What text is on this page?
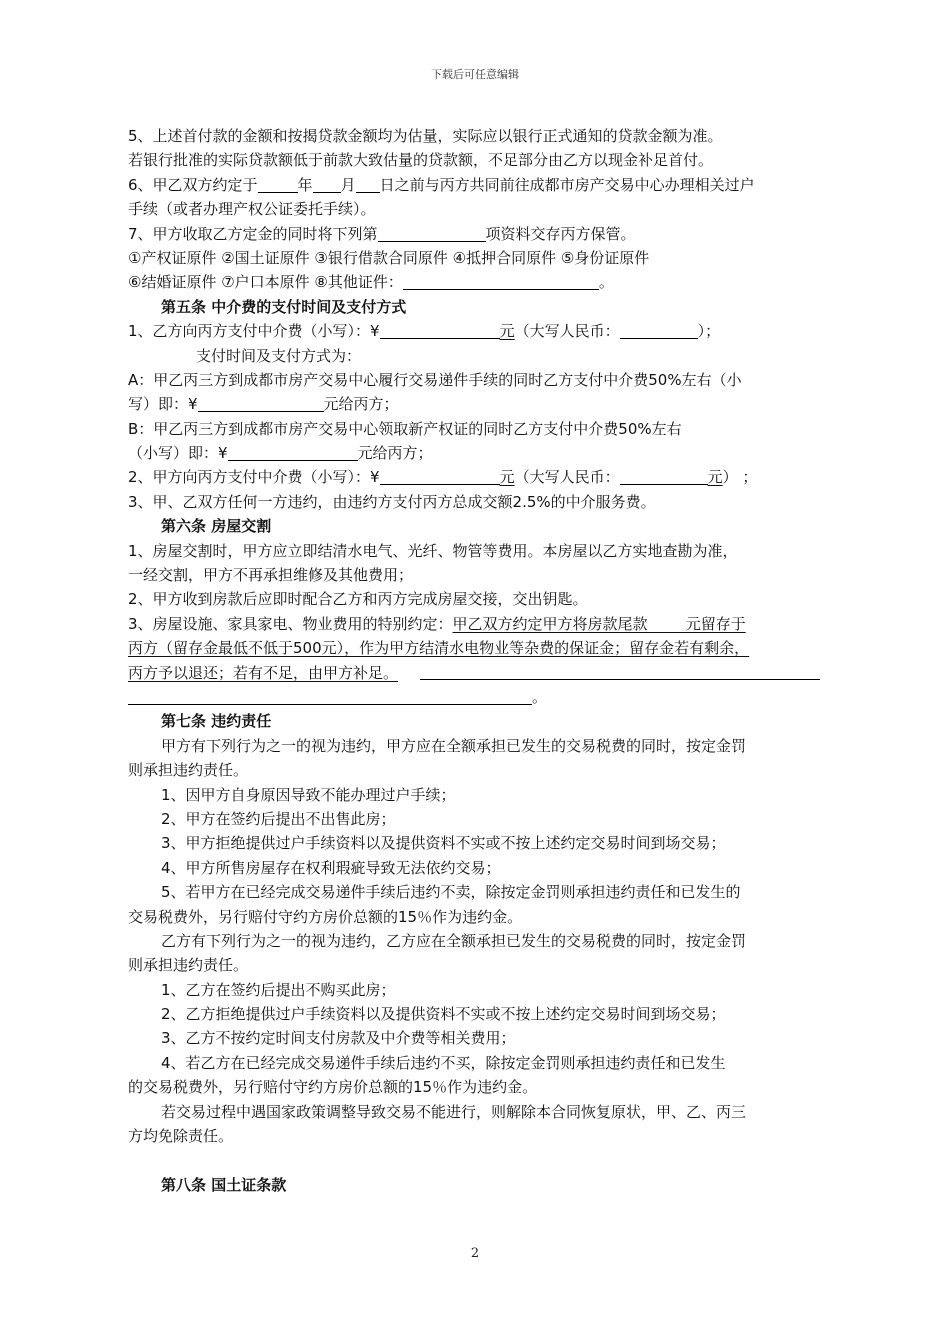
下载后可任意编辑
5、上述首付款的金额和按揭贷款金额均为估量，实际应以银行正式通知的贷款金额为准。
若银行批准的实际贷款额低于前款大致估量的贷款额，不足部分由乙方以现金补足首付。
6、甲乙双方约定于	年 月 日之前与丙方共同前往成都市房产交易中心办理相关过户
手续（或者办理产权公证委托手续）。
7、甲方收取乙方定金的同时将下列第	项资料交存丙方保管。
①产权证原件 ②国土证原件 ③银行借款合同原件 ④抵押合同原件 ⑤身份证原件
⑥结婚证原件 ⑦户口本原件 ⑧其他证件：	。
第五条 中介费的支付时间及支付方式
1、乙方向丙方支付中介费（小写）：¥	元（大写人民币：	）；
支付时间及支付方式为：
A：甲乙丙三方到成都市房产交易中心履行交易递件手续的同时乙方支付中介费50%左右（小
写）即：¥	元给丙方；
B：甲乙丙三方到成都市房产交易中心领取新产权证的同时乙方支付中介费50%左右
（小写）即：¥	元给丙方；
2、甲方向丙方支付中介费（小写）：¥	元（大写人民币：	元） ；
3、甲、乙双方任何一方违约，由违约方支付丙方总成交额2.5%的中介服务费。
第六条 房屋交割
1、房屋交割时，甲方应立即结清水电气、光纤、物管等费用。本房屋以乙方实地查勘为准，
一经交割，甲方不再承担维修及其他费用；
2、甲方收到房款后应即时配合乙方和丙方完成房屋交接，交出钥匙。
3、房屋设施、家具家电、物业费用的特别约定：甲乙双方约定甲方将房款尾款        元留存于
丙方（留存金最低不低于500元），作为甲方结清水电物业等杂费的保证金；留存金若有剩余，
丙方予以退还；若有不足，由甲方补足。
。
第七条 违约责任
甲方有下列行为之一的视为违约，甲方应在全额承担已发生的交易税费的同时，按定金罚
则承担违约责任。
1、因甲方自身原因导致不能办理过户手续；
2、甲方在签约后提出不出售此房；
3、甲方拒绝提供过户手续资料以及提供资料不实或不按上述约定交易时间到场交易；
4、甲方所售房屋存在权利瑕疵导致无法依约交易；
5、若甲方在已经完成交易递件手续后违约不卖，除按定金罚则承担违约责任和已发生的
交易税费外，另行赔付守约方房价总额的15％作为违约金。
乙方有下列行为之一的视为违约，乙方应在全额承担已发生的交易税费的同时，按定金罚
则承担违约责任。
1、乙方在签约后提出不购买此房；
2、乙方拒绝提供过户手续资料以及提供资料不实或不按上述约定交易时间到场交易；
3、乙方不按约定时间支付房款及中介费等相关费用；
4、若乙方在已经完成交易递件手续后违约不买，除按定金罚则承担违约责任和已发生
的交易税费外，另行赔付守约方房价总额的15％作为违约金。
若交易过程中遇国家政策调整导致交易不能进行，则解除本合同恢复原状，甲、乙、丙三
方均免除责任。
第八条 国土证条款
2
